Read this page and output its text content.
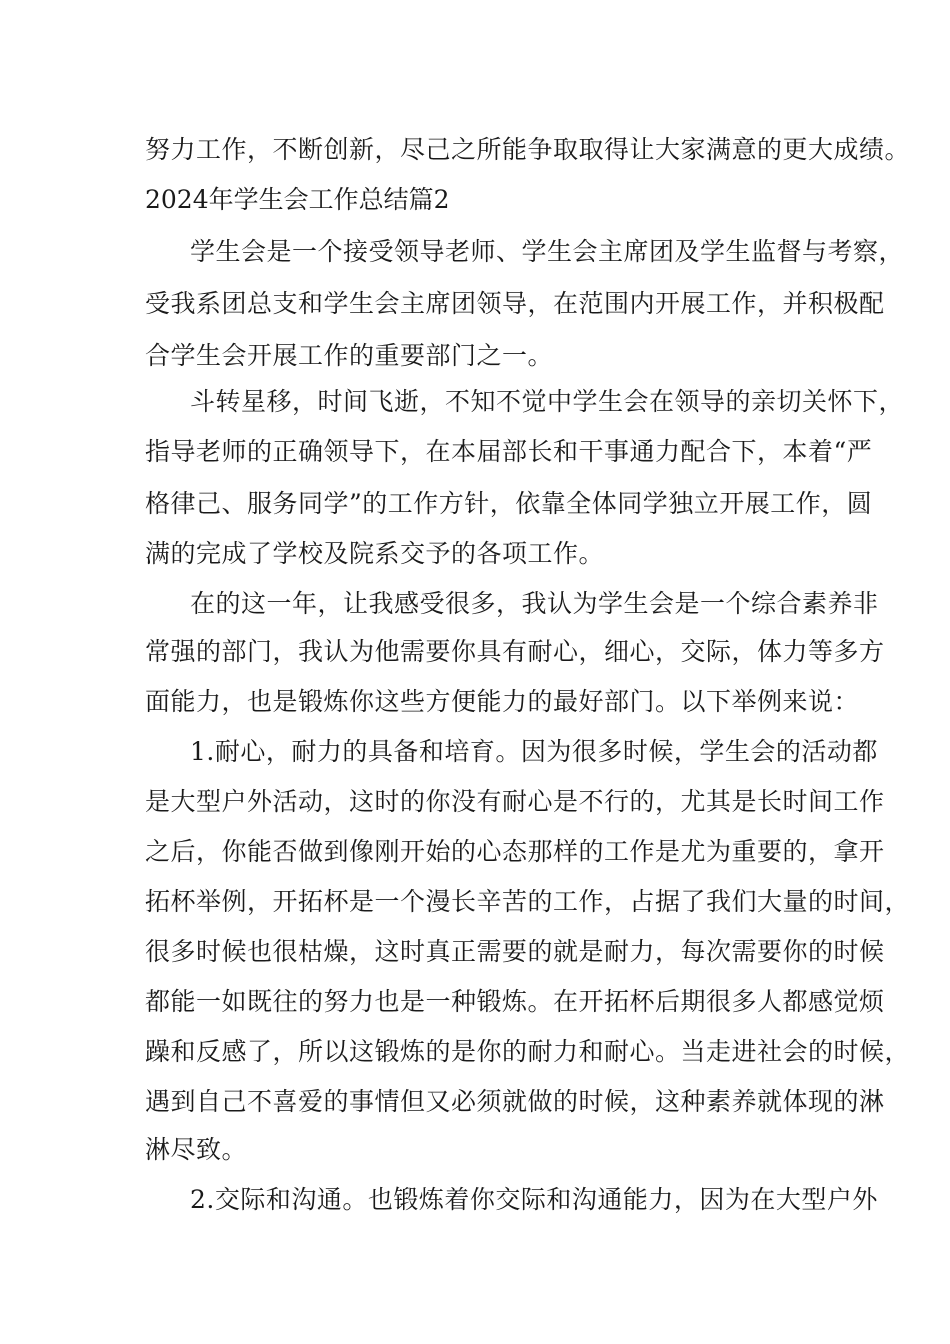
努力工作，不断创新，尽己之所能争取取得让大家满意的更大成绩。
2024年学生会工作总结篇2
学生会是一个接受领导老师、学生会主席团及学生监督与考察，
受我系团总支和学生会主席团领导，在范围内开展工作，并积极配
合学生会开展工作的重要部门之一。
斗转星移，时间飞逝，不知不觉中学生会在领导的亲切关怀下，
指导老师的正确领导下，在本届部长和干事通力配合下，本着“严
格律己、服务同学”的工作方针，依靠全体同学独立开展工作，圆
满的完成了学校及院系交予的各项工作。
在的这一年，让我感受很多，我认为学生会是一个综合素养非
常强的部门，我认为他需要你具有耐心，细心，交际，体力等多方
面能力，也是锻炼你这些方便能力的最好部门。以下举例来说：
1.耐心，耐力的具备和培育。因为很多时候，学生会的活动都
是大型户外活动，这时的你没有耐心是不行的，尤其是长时间工作
之后，你能否做到像刚开始的心态那样的工作是尤为重要的，拿开
拓杯举例，开拓杯是一个漫长辛苦的工作，占据了我们大量的时间，
很多时候也很枯燥，这时真正需要的就是耐力，每次需要你的时候
都能一如既往的努力也是一种锻炼。在开拓杯后期很多人都感觉烦
躁和反感了，所以这锻炼的是你的耐力和耐心。当走进社会的时候，
遇到自己不喜爱的事情但又必须就做的时候，这种素养就体现的淋
淋尽致。
2.交际和沟通。也锻炼着你交际和沟通能力，因为在大型户外
